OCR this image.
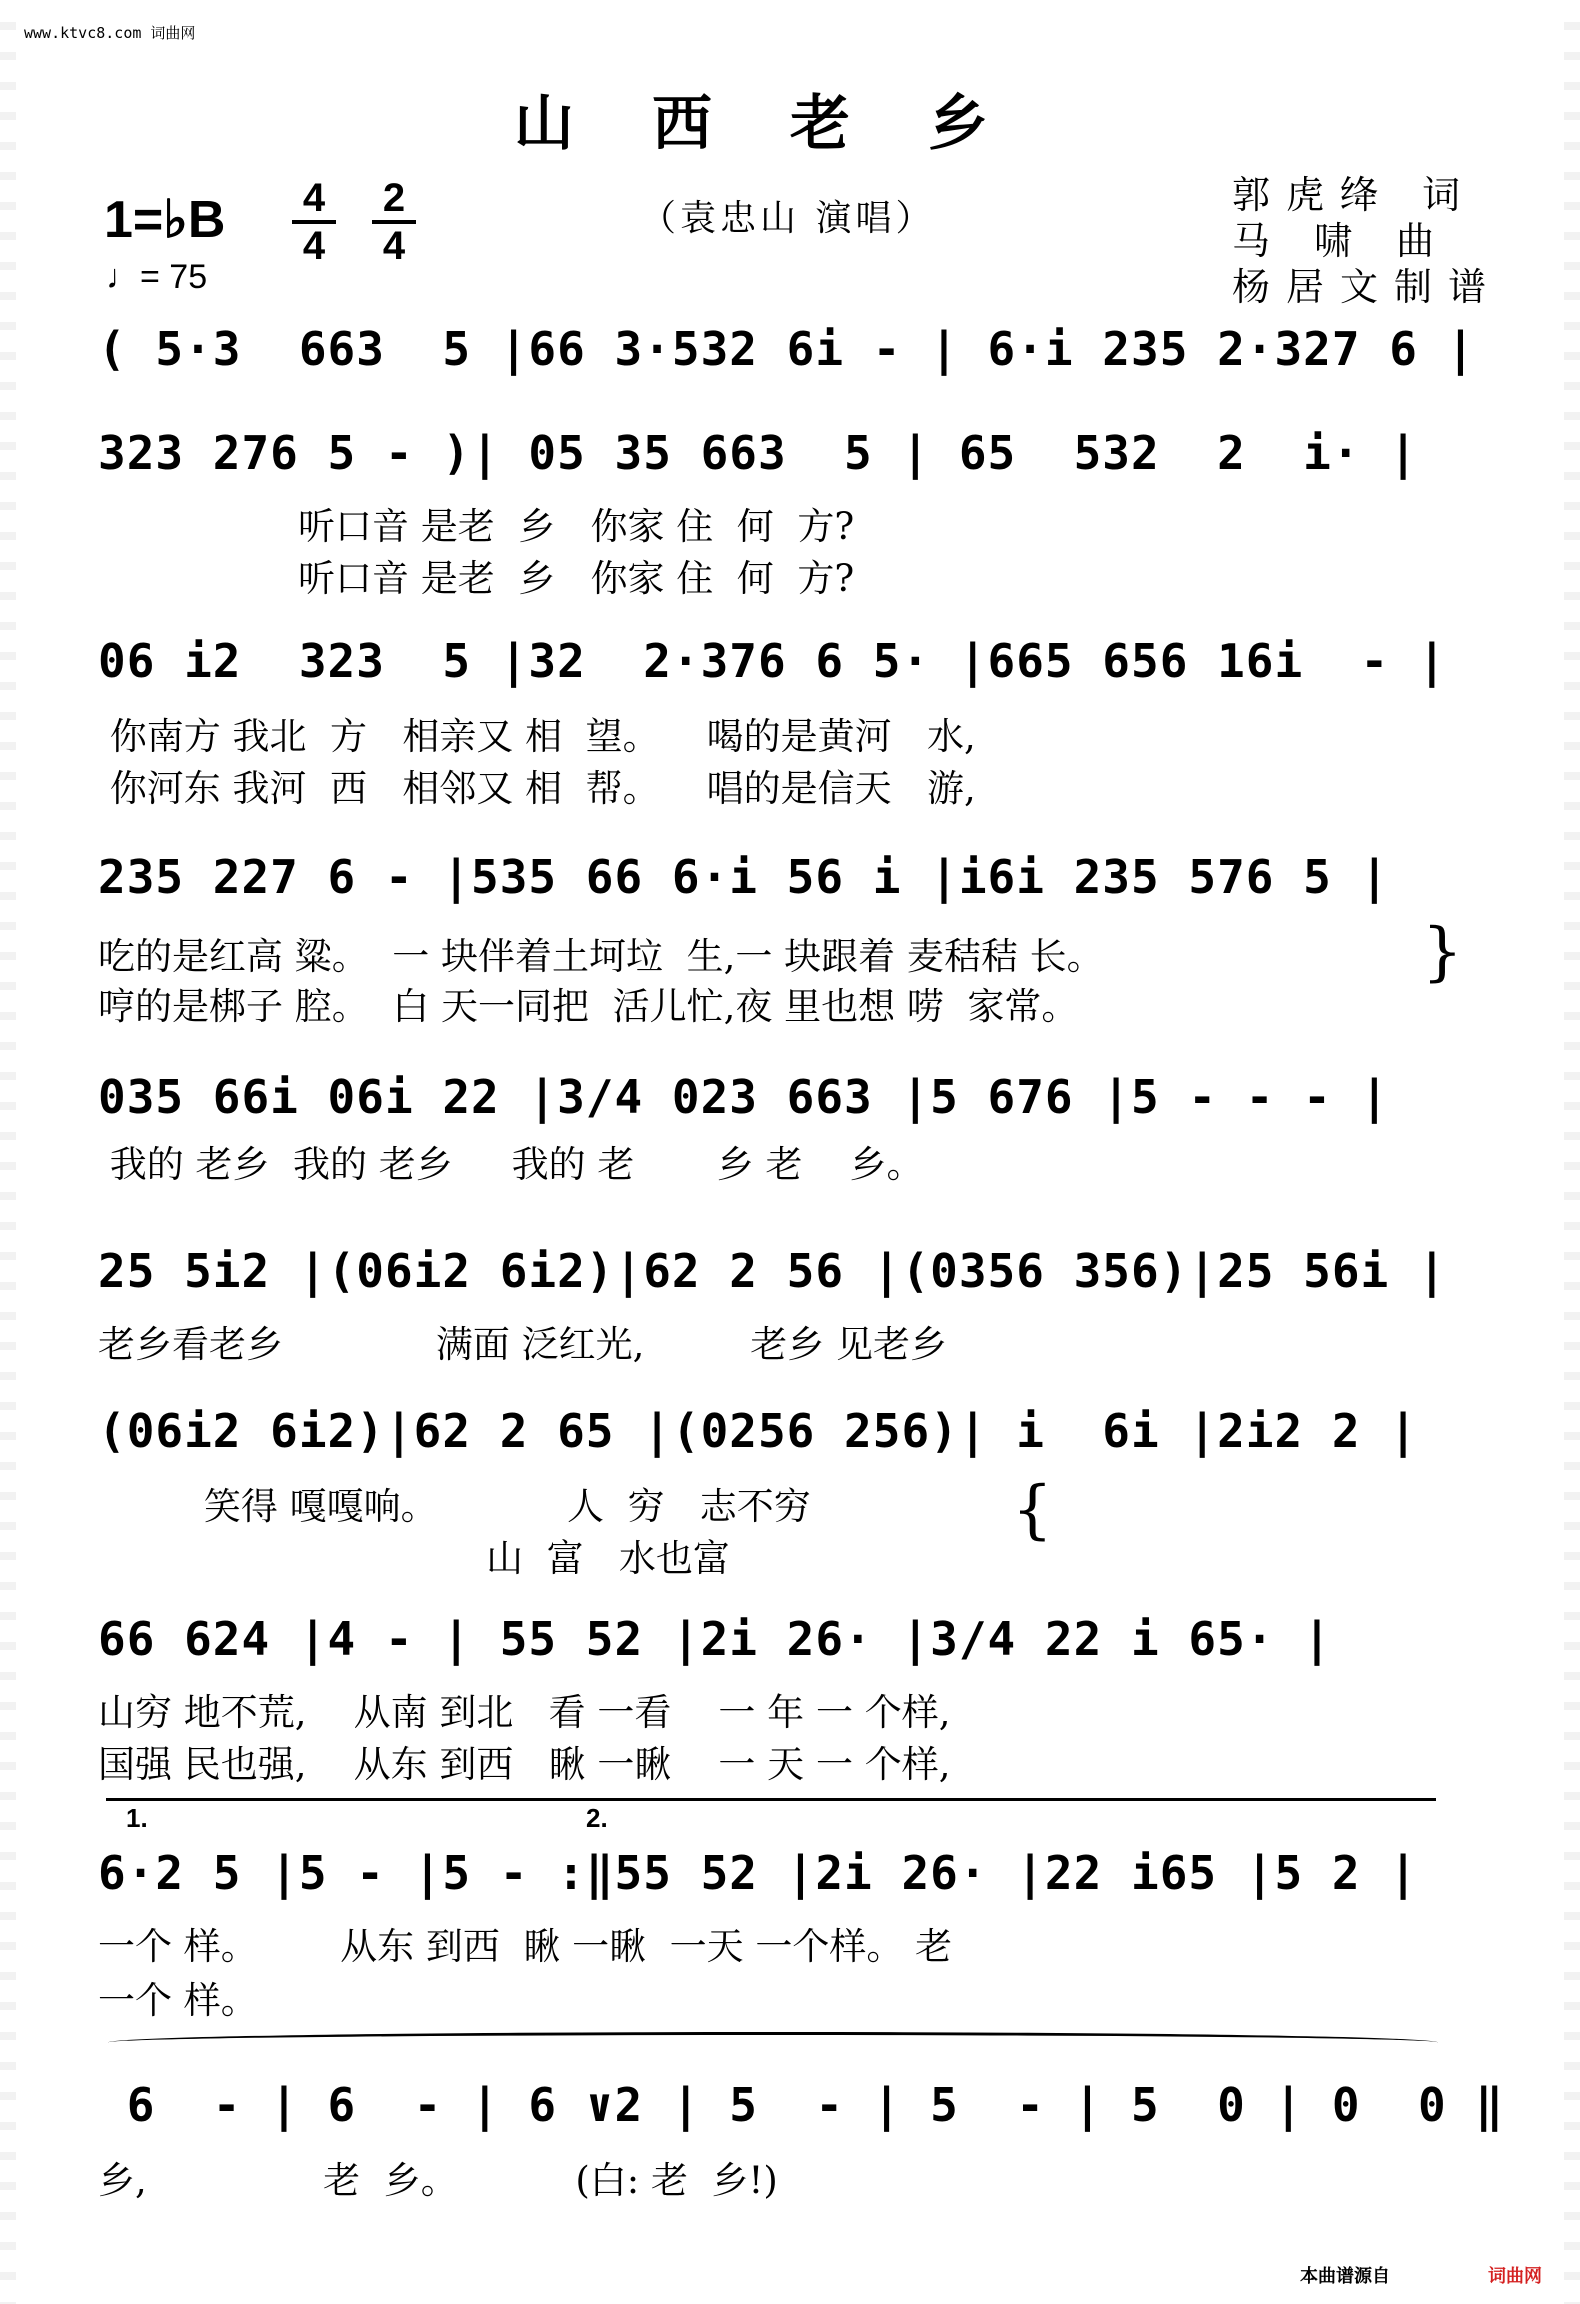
www.ktvc8.com 词曲网
山西老乡
1=♭B 4
4
2
4
♩= 75
（袁忠山 演唱）
郭虎绛 词
马 啸 曲
杨居文制谱
( 5·3  663  5 |66 3·532 6i - | 6·i 235 2·327 6 |
323 276 5 - )| 05 35 663  5 | 65  532  2  i· |
听口音 是老  乡   你家 住  何  方?
听口音 是老  乡   你家 住  何  方?
06 i2  323  5 |32  2·376 6 5· |665 656 16i  - |
你南方 我北  方   相亲又 相  望。    喝的是黄河   水,
你河东 我河  西   相邻又 相  帮。    唱的是信天   游,
235 227 6 - |535 66 6·i 56 i |i6i 235 576 5 |
吃的是红高 粱。  一 块伴着土坷垃  生,一 块跟着 麦秸秸 长。
哼的是梆子 腔。  白 天一同把  活儿忙,夜 里也想 唠  家常。
}
035 66i 06i 22 |3/4 023 663 |5 676 |5 - - - |
我的 老乡  我的 老乡     我的 老       乡 老    乡。
25 5i2 |(06i2 6i2)|62 2 56 |(0356 356)|25 56i |
老乡看老乡             满面 泛红光,         老乡 见老乡
(06i2 6i2)|62 2 65 |(0256 256)| i  6i |2i2 2 |
笑得 嘎嘎响。           人  穷   志不穷
山  富   水也富
{
66 624 |4 - | 55 52 |2i 26· |3/4 22 i 65· |
山穷 地不荒,    从南 到北   看 一看    一 年 一 个样,
国强 民也强,    从东 到西   瞅 一瞅    一 天 一 个样,
1.	2.
6·2 5 |5 - |5 - :‖55 52 |2i 26· |22 i65 |5 2 |
一个 样。       从东 到西  瞅 一瞅  一天 一个样。 老
一个 样。
6  - | 6  - | 6 ∨2 | 5  - | 5  - | 5  0 | 0  0 ‖
乡,               老  乡。          (白: 老  乡!)
本曲谱源自	词曲网
